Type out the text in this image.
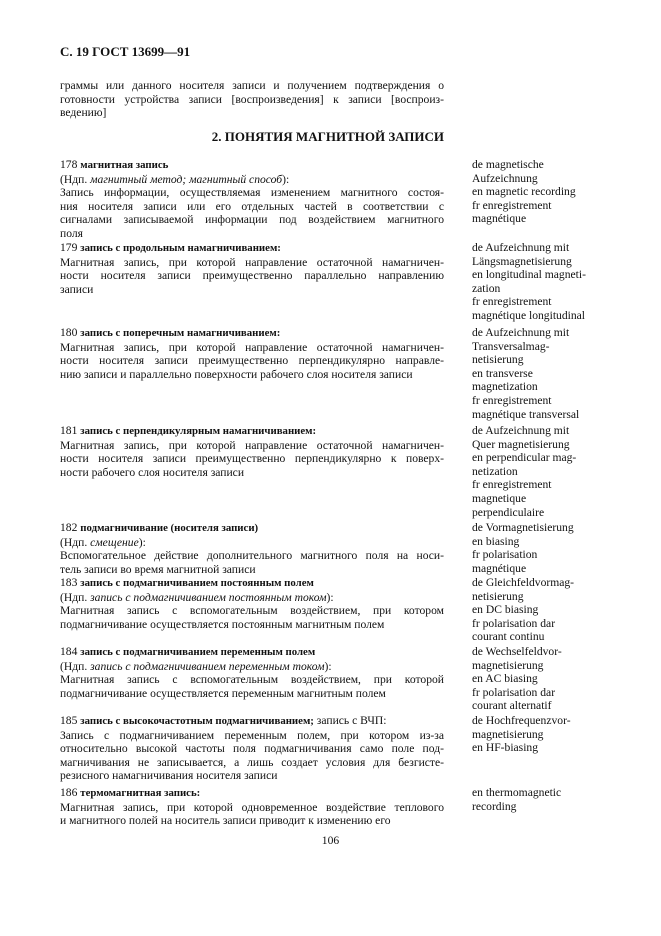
С. 19 ГОСТ 13699—91
граммы или данного носителя записи и получением подтверждения о
готовности устройства записи [воспроизведения] к записи [воспроиз-
ведению]
2. ПОНЯТИЯ МАГНИТНОЙ ЗАПИСИ
178 магнитная запись
(Ндп. магнитный метод; магнитный способ):
Запись информации, осуществляемая изменением магнитного состоя-
ния носителя записи или его отдельных частей в соответствии с
сигналами записываемой информации под воздействием магнитного
поля
de magnetische
Aufzeichnung
en magnetic recording
fr enregistrement
magnétique
179 запись с продольным намагничиванием:
Магнитная запись, при которой направление остаточной намагничен-
ности носителя записи преимущественно параллельно направлению
записи
de Aufzeichnung mit
Längsmagnetisierung
en longitudinal magneti-
zation
fr enregistrement
magnétique longitudinal
180 запись с поперечным намагничиванием:
Магнитная запись, при которой направление остаточной намагничен-
ности носителя записи преимущественно перпендикулярно направле-
нию записи и параллельно поверхности рабочего слоя носителя записи
de Aufzeichnung mit
Transversalmag-
netisierung
en transverse
magnetization
fr enregistrement
magnétique transversal
181 запись с перпендикулярным намагничиванием:
Магнитная запись, при которой направление остаточной намагничен-
ности носителя записи преимущественно перпендикулярно к поверх-
ности рабочего слоя носителя записи
de Aufzeichnung mit
Quer magnetisierung
en perpendicular mag-
netization
fr enregistrement
magnetique
perpendiculaire
182 подмагничивание (носителя записи)
(Ндп. смещение):
Вспомогательное действие дополнительного магнитного поля на носи-
тель записи во время магнитной записи
de Vormagnetisierung
en biasing
fr polarisation
magnétique
183 запись с подмагничиванием постоянным полем
(Ндп. запись с подмагничиванием постоянным током):
Магнитная запись с вспомогательным воздействием, при котором
подмагничивание осуществляется постоянным магнитным полем
de Gleichfeldvormag-
netisierung
en DC biasing
fr polarisation dar
courant continu
184 запись с подмагничиванием переменным полем
(Ндп. запись с подмагничиванием переменным током):
Магнитная запись с вспомогательным воздействием, при которой
подмагничивание осуществляется переменным магнитным полем
de Wechselfeldvor-
magnetisierung
en AC biasing
fr polarisation dar
courant alternatif
185 запись с высокочастотным подмагничиванием; запись с ВЧП:
Запись с подмагничиванием переменным полем, при котором из-за
относительно высокой частоты поля подмагничивания само поле под-
магничивания не записывается, а лишь создает условия для безгисте-
резисного намагничивания носителя записи
de Hochfrequenzvor-
magnetisierung
en HF-biasing
186 термомагнитная запись:
Магнитная запись, при которой одновременное воздействие теплового
и магнитного полей на носитель записи приводит к изменению его
en thermomagnetic
recording
106
